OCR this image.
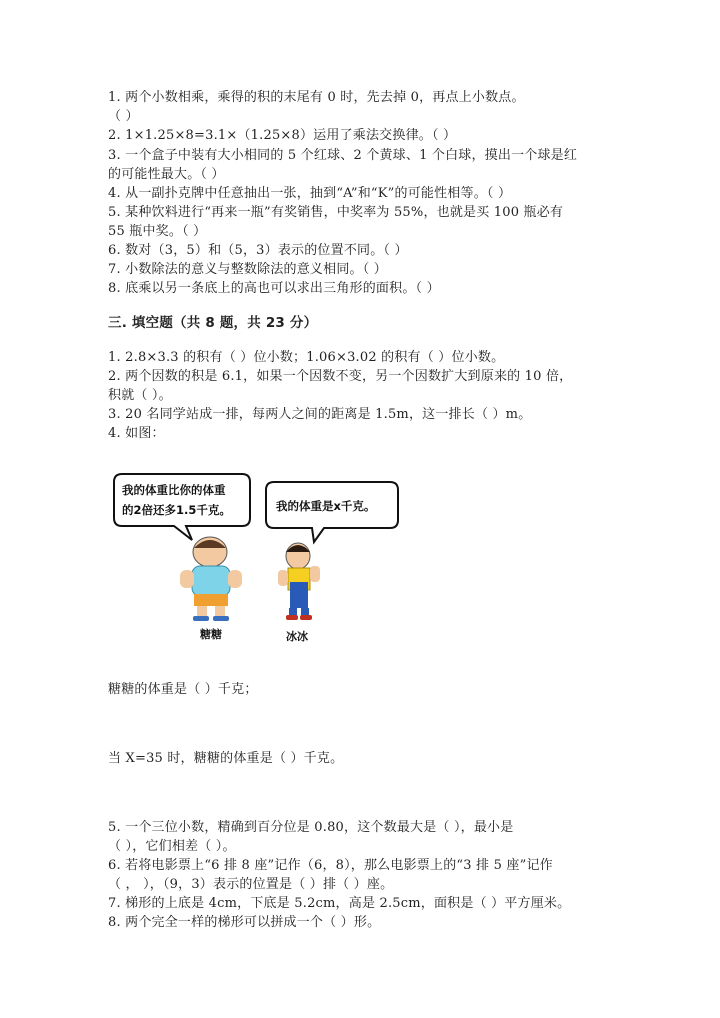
1. 两个小数相乘，乘得的积的末尾有 0 时，先去掉 0，再点上小数点。
（ ）
2. 1×1.25×8=3.1×（1.25×8）运用了乘法交换律。（ ）
3. 一个盒子中装有大小相同的 5 个红球、2 个黄球、1 个白球，摸出一个球是红
的可能性最大。（ ）
4. 从一副扑克牌中任意抽出一张，抽到“A”和“K”的可能性相等。（ ）
5. 某种饮料进行“再来一瓶”有奖销售，中奖率为 55%，也就是买 100 瓶必有
55 瓶中奖。（ ）
6. 数对（3，5）和（5，3）表示的位置不同。（ ）
7. 小数除法的意义与整数除法的意义相同。（ ）
8. 底乘以另一条底上的高也可以求出三角形的面积。（ ）
三. 填空题（共 8 题，共 23 分）
1. 2.8×3.3 的积有（ ）位小数；1.06×3.02 的积有（ ）位小数。
2. 两个因数的积是 6.1，如果一个因数不变，另一个因数扩大到原来的 10 倍，
积就（ ）。
3. 20 名同学站成一排，每两人之间的距离是 1.5m，这一排长（ ）m。
4. 如图：
我的体重比你的体重
的2倍还多1.5千克。	我的体重是x千克。
糖糖	冰冰
糖糖的体重是（ ）千克；
当 X=35 时，糖糖的体重是（ ）千克。
5. 一个三位小数，精确到百分位是 0.80，这个数最大是（ ），最小是
（ ），它们相差（ ）。
6. 若将电影票上“6 排 8 座”记作（6，8），那么电影票上的“3 排 5 座”记作
（ ， ），（9，3）表示的位置是（ ）排（ ）座。
7. 梯形的上底是 4cm，下底是 5.2cm，高是 2.5cm，面积是（ ）平方厘米。
8. 两个完全一样的梯形可以拼成一个（ ）形。
